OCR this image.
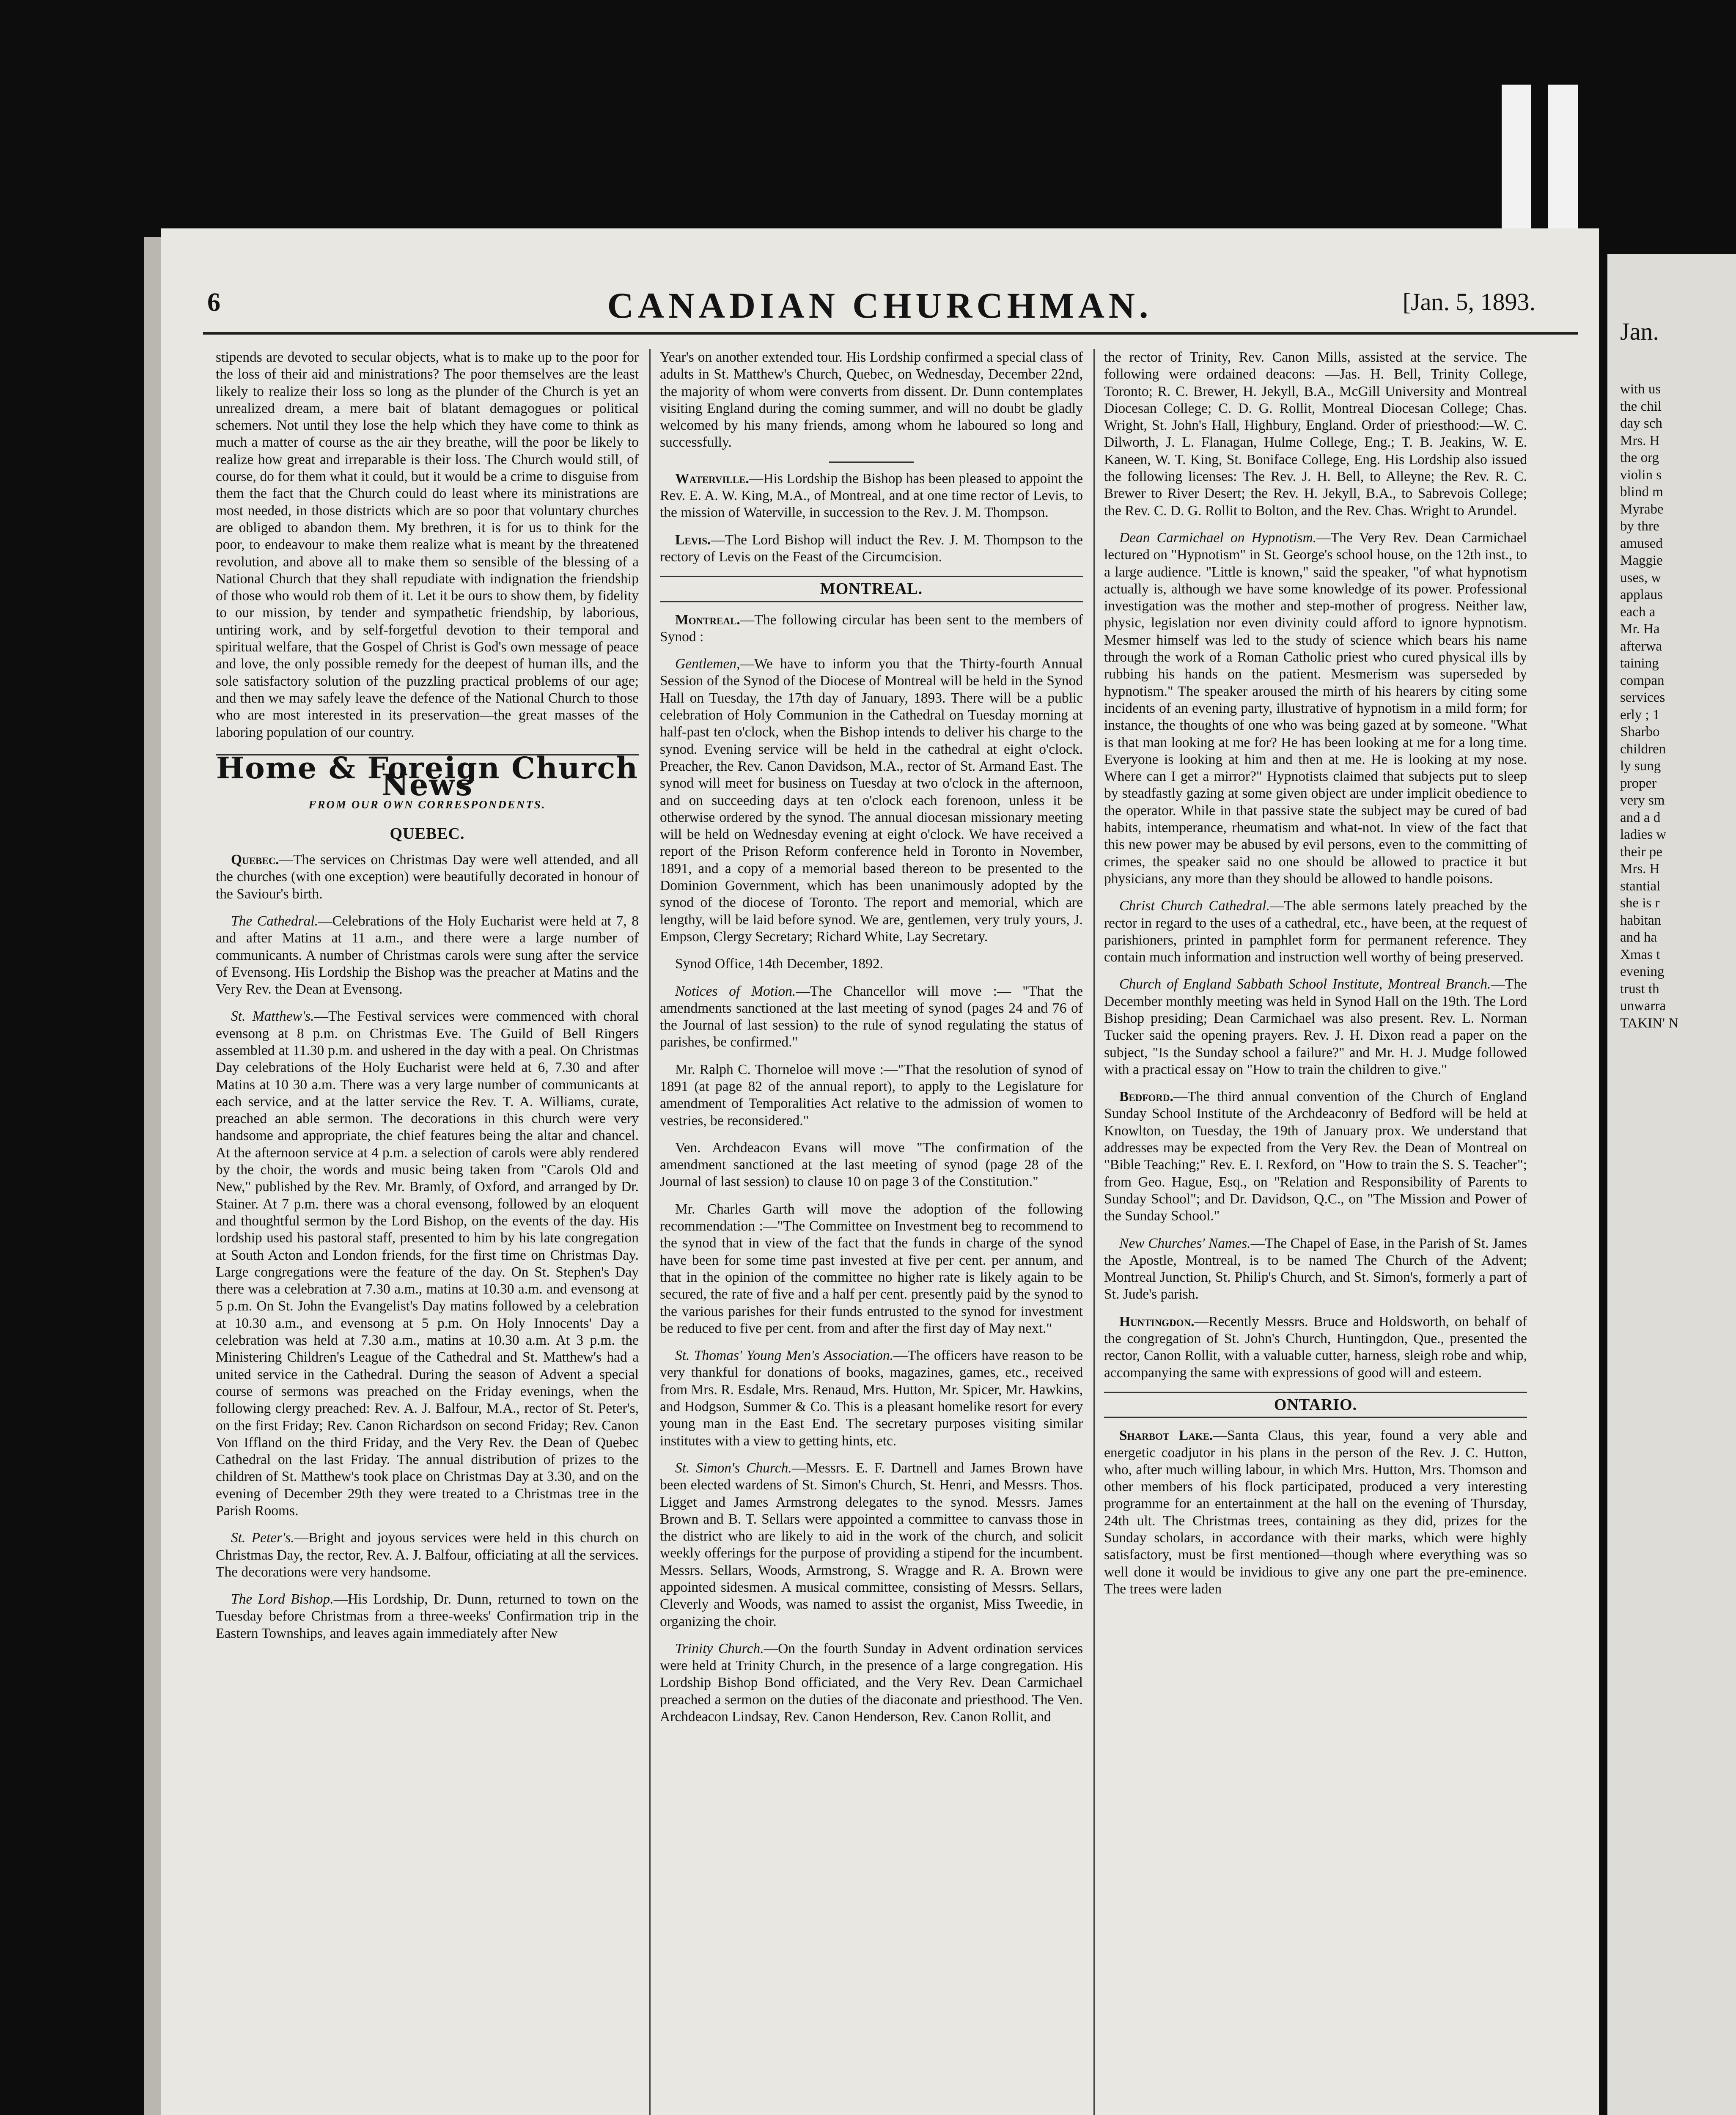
6	CANADIAN CHURCHMAN.	[Jan. 5, 1893.

stipends are devoted to secular objects, what is to make up to the poor for the loss of their aid and ministrations? The poor themselves are the least likely to realize their loss so long as the plunder of the Church is yet an unrealized dream, a mere bait of blatant demagogues or political schemers. Not until they lose the help which they have come to think as much a matter of course as the air they breathe, will the poor be likely to realize how great and irreparable is their loss. The Church would still, of course, do for them what it could, but it would be a crime to disguise from them the fact that the Church could do least where its ministrations are most needed, in those districts which are so poor that voluntary churches are obliged to abandon them. My brethren, it is for us to think for the poor, to endeavour to make them realize what is meant by the threatened revolution, and above all to make them so sensible of the blessing of a National Church that they shall repudiate with indignation the friendship of those who would rob them of it. Let it be ours to show them, by fidelity to our mission, by tender and sympathetic friendship, by laborious, untiring work, and by self-forgetful devotion to their temporal and spiritual welfare, that the Gospel of Christ is God's own message of peace and love, the only possible remedy for the deepest of human ills, and the sole satisfactory solution of the puzzling practical problems of our age; and then we may safely leave the defence of the National Church to those who are most interested in its preservation—the great masses of the laboring population of our country.

Home & Foreign Church News
FROM OUR OWN CORRESPONDENTS.
QUEBEC.

Quebec.—The services on Christmas Day were well attended, and all the churches (with one exception) were beautifully decorated in honour of the Saviour's birth.

The Cathedral.—Celebrations of the Holy Eucharist were held at 7, 8 and after Matins at 11 a.m., and there were a large number of communicants. A number of Christmas carols were sung after the service of Evensong. His Lordship the Bishop was the preacher at Matins and the Very Rev. the Dean at Evensong.

St. Matthew's.—The Festival services were commenced with choral evensong at 8 p.m. on Christmas Eve. The Guild of Bell Ringers assembled at 11.30 p.m. and ushered in the day with a peal. On Christmas Day celebrations of the Holy Eucharist were held at 6, 7.30 and after Matins at 10 30 a.m. There was a very large number of communicants at each service, and at the latter service the Rev. T. A. Williams, curate, preached an able sermon. The decorations in this church were very handsome and appropriate, the chief features being the altar and chancel. At the afternoon service at 4 p.m. a selection of carols were ably rendered by the choir, the words and music being taken from "Carols Old and New," published by the Rev. Mr. Bramly, of Oxford, and arranged by Dr. Stainer. At 7 p.m. there was a choral evensong, followed by an eloquent and thoughtful sermon by the Lord Bishop, on the events of the day. His lordship used his pastoral staff, presented to him by his late congregation at South Acton and London friends, for the first time on Christmas Day. Large congregations were the feature of the day. On St. Stephen's Day there was a celebration at 7.30 a.m., matins at 10.30 a.m. and evensong at 5 p.m. On St. John the Evangelist's Day matins followed by a celebration at 10.30 a.m., and evensong at 5 p.m. On Holy Innocents' Day a celebration was held at 7.30 a.m., matins at 10.30 a.m. At 3 p.m. the Ministering Children's League of the Cathedral and St. Matthew's had a united service in the Cathedral. During the season of Advent a special course of sermons was preached on the Friday evenings, when the following clergy preached: Rev. A. J. Balfour, M.A., rector of St. Peter's, on the first Friday; Rev. Canon Richardson on second Friday; Rev. Canon Von Iffland on the third Friday, and the Very Rev. the Dean of Quebec Cathedral on the last Friday. The annual distribution of prizes to the children of St. Matthew's took place on Christmas Day at 3.30, and on the evening of December 29th they were treated to a Christmas tree in the Parish Rooms.

St. Peter's.—Bright and joyous services were held in this church on Christmas Day, the rector, Rev. A. J. Balfour, officiating at all the services. The decorations were very handsome.

The Lord Bishop.—His Lordship, Dr. Dunn, returned to town on the Tuesday before Christmas from a three-weeks' Confirmation trip in the Eastern Townships, and leaves again immediately after New

Year's on another extended tour. His Lordship confirmed a special class of adults in St. Matthew's Church, Quebec, on Wednesday, December 22nd, the majority of whom were converts from dissent. Dr. Dunn contemplates visiting England during the coming summer, and will no doubt be gladly welcomed by his many friends, among whom he laboured so long and successfully.

Waterville.—His Lordship the Bishop has been pleased to appoint the Rev. E. A. W. King, M.A., of Montreal, and at one time rector of Levis, to the mission of Waterville, in succession to the Rev. J. M. Thompson.

Levis.—The Lord Bishop will induct the Rev. J. M. Thompson to the rectory of Levis on the Feast of the Circumcision.

MONTREAL.

Montreal.—The following circular has been sent to the members of Synod :

Gentlemen,—We have to inform you that the Thirty-fourth Annual Session of the Synod of the Diocese of Montreal will be held in the Synod Hall on Tuesday, the 17th day of January, 1893. There will be a public celebration of Holy Communion in the Cathedral on Tuesday morning at half-past ten o'clock, when the Bishop intends to deliver his charge to the synod. Evening service will be held in the cathedral at eight o'clock. Preacher, the Rev. Canon Davidson, M.A., rector of St. Armand East. The synod will meet for business on Tuesday at two o'clock in the afternoon, and on succeeding days at ten o'clock each forenoon, unless it be otherwise ordered by the synod. The annual diocesan missionary meeting will be held on Wednesday evening at eight o'clock. We have received a report of the Prison Reform conference held in Toronto in November, 1891, and a copy of a memorial based thereon to be presented to the Dominion Government, which has been unanimously adopted by the synod of the diocese of Toronto. The report and memorial, which are lengthy, will be laid before synod. We are, gentlemen, very truly yours, J. Empson, Clergy Secretary; Richard White, Lay Secretary.

Synod Office, 14th December, 1892.

Notices of Motion.—The Chancellor will move :— "That the amendments sanctioned at the last meeting of synod (pages 24 and 76 of the Journal of last session) to the rule of synod regulating the status of parishes, be confirmed."

Mr. Ralph C. Thorneloe will move :—"That the resolution of synod of 1891 (at page 82 of the annual report), to apply to the Legislature for amendment of Temporalities Act relative to the admission of women to vestries, be reconsidered."

Ven. Archdeacon Evans will move "The confirmation of the amendment sanctioned at the last meeting of synod (page 28 of the Journal of last session) to clause 10 on page 3 of the Constitution."

Mr. Charles Garth will move the adoption of the following recommendation :—"The Committee on Investment beg to recommend to the synod that in view of the fact that the funds in charge of the synod have been for some time past invested at five per cent. per annum, and that in the opinion of the committee no higher rate is likely again to be secured, the rate of five and a half per cent. presently paid by the synod to the various parishes for their funds entrusted to the synod for investment be reduced to five per cent. from and after the first day of May next."

St. Thomas' Young Men's Association.—The officers have reason to be very thankful for donations of books, magazines, games, etc., received from Mrs. R. Esdale, Mrs. Renaud, Mrs. Hutton, Mr. Spicer, Mr. Hawkins, and Hodgson, Summer & Co. This is a pleasant homelike resort for every young man in the East End. The secretary purposes visiting similar institutes with a view to getting hints, etc.

St. Simon's Church.—Messrs. E. F. Dartnell and James Brown have been elected wardens of St. Simon's Church, St. Henri, and Messrs. Thos. Ligget and James Armstrong delegates to the synod. Messrs. James Brown and B. T. Sellars were appointed a committee to canvass those in the district who are likely to aid in the work of the church, and solicit weekly offerings for the purpose of providing a stipend for the incumbent. Messrs. Sellars, Woods, Armstrong, S. Wragge and R. A. Brown were appointed sidesmen. A musical committee, consisting of Messrs. Sellars, Cleverly and Woods, was named to assist the organist, Miss Tweedie, in organizing the choir.

Trinity Church.—On the fourth Sunday in Advent ordination services were held at Trinity Church, in the presence of a large congregation. His Lordship Bishop Bond officiated, and the Very Rev. Dean Carmichael preached a sermon on the duties of the diaconate and priesthood. The Ven. Archdeacon Lindsay, Rev. Canon Henderson, Rev. Canon Rollit, and

the rector of Trinity, Rev. Canon Mills, assisted at the service. The following were ordained deacons: —Jas. H. Bell, Trinity College, Toronto; R. C. Brewer, H. Jekyll, B.A., McGill University and Montreal Diocesan College; C. D. G. Rollit, Montreal Diocesan College; Chas. Wright, St. John's Hall, Highbury, England. Order of priesthood:—W. C. Dilworth, J. L. Flanagan, Hulme College, Eng.; T. B. Jeakins, W. E. Kaneen, W. T. King, St. Boniface College, Eng. His Lordship also issued the following licenses: The Rev. J. H. Bell, to Alleyne; the Rev. R. C. Brewer to River Desert; the Rev. H. Jekyll, B.A., to Sabrevois College; the Rev. C. D. G. Rollit to Bolton, and the Rev. Chas. Wright to Arundel.

Dean Carmichael on Hypnotism.—The Very Rev. Dean Carmichael lectured on "Hypnotism" in St. George's school house, on the 12th inst., to a large audience. "Little is known," said the speaker, "of what hypnotism actually is, although we have some knowledge of its power. Professional investigation was the mother and step-mother of progress. Neither law, physic, legislation nor even divinity could afford to ignore hypnotism. Mesmer himself was led to the study of science which bears his name through the work of a Roman Catholic priest who cured physical ills by rubbing his hands on the patient. Mesmerism was superseded by hypnotism." The speaker aroused the mirth of his hearers by citing some incidents of an evening party, illustrative of hypnotism in a mild form; for instance, the thoughts of one who was being gazed at by someone. "What is that man looking at me for? He has been looking at me for a long time. Everyone is looking at him and then at me. He is looking at my nose. Where can I get a mirror?" Hypnotists claimed that subjects put to sleep by steadfastly gazing at some given object are under implicit obedience to the operator. While in that passive state the subject may be cured of bad habits, intemperance, rheumatism and what-not. In view of the fact that this new power may be abused by evil persons, even to the committing of crimes, the speaker said no one should be allowed to practice it but physicians, any more than they should be allowed to handle poisons.

Christ Church Cathedral.—The able sermons lately preached by the rector in regard to the uses of a cathedral, etc., have been, at the request of parishioners, printed in pamphlet form for permanent reference. They contain much information and instruction well worthy of being preserved.

Church of England Sabbath School Institute, Montreal Branch.—The December monthly meeting was held in Synod Hall on the 19th. The Lord Bishop presiding; Dean Carmichael was also present. Rev. L. Norman Tucker said the opening prayers. Rev. J. H. Dixon read a paper on the subject, "Is the Sunday school a failure?" and Mr. H. J. Mudge followed with a practical essay on "How to train the children to give."

Bedford.—The third annual convention of the Church of England Sunday School Institute of the Archdeaconry of Bedford will be held at Knowlton, on Tuesday, the 19th of January prox. We understand that addresses may be expected from the Very Rev. the Dean of Montreal on "Bible Teaching;" Rev. E. I. Rexford, on "How to train the S. S. Teacher"; from Geo. Hague, Esq., on "Relation and Responsibility of Parents to Sunday School"; and Dr. Davidson, Q.C., on "The Mission and Power of the Sunday School."

New Churches' Names.—The Chapel of Ease, in the Parish of St. James the Apostle, Montreal, is to be named The Church of the Advent; Montreal Junction, St. Philip's Church, and St. Simon's, formerly a part of St. Jude's parish.

Huntingdon.—Recently Messrs. Bruce and Holdsworth, on behalf of the congregation of St. John's Church, Huntingdon, Que., presented the rector, Canon Rollit, with a valuable cutter, harness, sleigh robe and whip, accompanying the same with expressions of good will and esteem.

ONTARIO.

Sharbot Lake.—Santa Claus, this year, found a very able and energetic coadjutor in his plans in the person of the Rev. J. C. Hutton, who, after much willing labour, in which Mrs. Hutton, Mrs. Thomson and other members of his flock participated, produced a very interesting programme for an entertainment at the hall on the evening of Thursday, 24th ult. The Christmas trees, containing as they did, prizes for the Sunday scholars, in accordance with their marks, which were highly satisfactory, must be first mentioned—though where everything was so well done it would be invidious to give any one part the pre-eminence. The trees were laden

Jan.
with us
the chil
day sch
Mrs. H
the org
violin s
blind m
Myrabe
by thre
amused
Maggie
uses, w
applaus
each a
Mr. Ha
afterwa
taining
compan
services
erly ; 1
Sharbo
children
ly sung
proper
very sm
and a d
ladies w
their pe
Mrs. H
stantial
she is r
habitan
and ha
Xmas t
evening
trust th
unwarra
TAKIN' N
